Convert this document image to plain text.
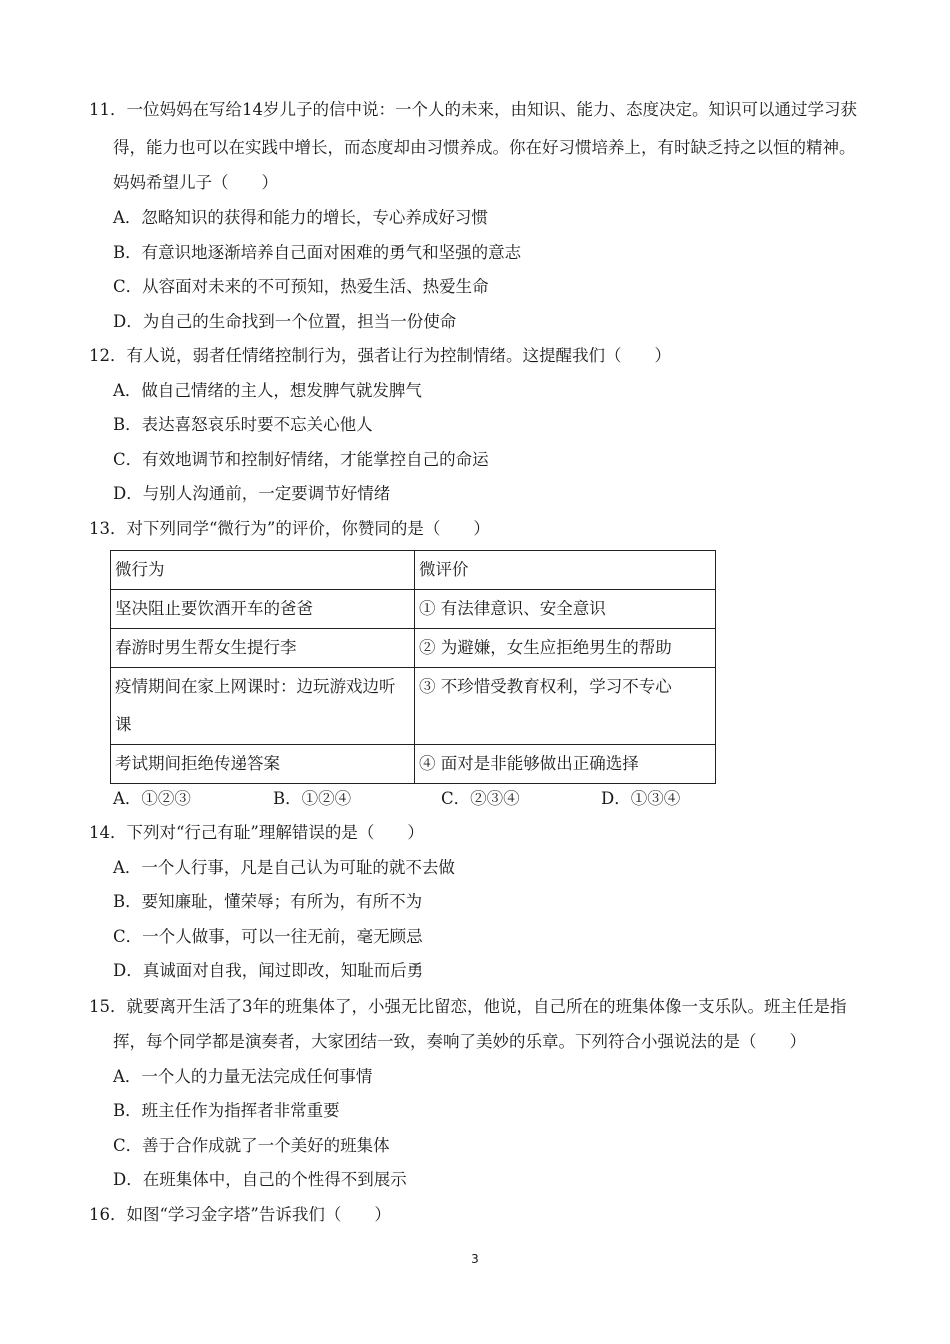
11．一位妈妈在写给14岁儿子的信中说：一个人的未来，由知识、能力、态度决定。知识可以通过学习获
得，能力也可以在实践中增长，而态度却由习惯养成。你在好习惯培养上，有时缺乏持之以恒的精神。
妈妈希望儿子（　　）
A．忽略知识的获得和能力的增长，专心养成好习惯
B．有意识地逐渐培养自己面对困难的勇气和坚强的意志
C．从容面对未来的不可预知，热爱生活、热爱生命
D．为自己的生命找到一个位置，担当一份使命
12．有人说，弱者任情绪控制行为，强者让行为控制情绪。这提醒我们（　　）
A．做自己情绪的主人，想发脾气就发脾气
B．表达喜怒哀乐时要不忘关心他人
C．有效地调节和控制好情绪，才能掌控自己的命运
D．与别人沟通前，一定要调节好情绪
13．对下列同学“微行为”的评价，你赞同的是（　　）
微行为	微评价
坚决阻止要饮酒开车的爸爸	① 有法律意识、安全意识
春游时男生帮女生提行李	② 为避嫌，女生应拒绝男生的帮助
疫情期间在家上网课时：边玩游戏边听课	③ 不珍惜受教育权利，学习不专心
考试期间拒绝传递答案	④ 面对是非能够做出正确选择
A．①②③	B．①②④	C．②③④	D．①③④
14．下列对“行己有耻”理解错误的是（　　）
A．一个人行事，凡是自己认为可耻的就不去做
B．要知廉耻，懂荣辱；有所为，有所不为
C．一个人做事，可以一往无前，毫无顾忌
D．真诚面对自我，闻过即改，知耻而后勇
15．就要离开生活了3年的班集体了，小强无比留恋，他说，自己所在的班集体像一支乐队。班主任是指
挥，每个同学都是演奏者，大家团结一致，奏响了美妙的乐章。下列符合小强说法的是（　　）
A．一个人的力量无法完成任何事情
B．班主任作为指挥者非常重要
C．善于合作成就了一个美好的班集体
D．在班集体中，自己的个性得不到展示
16．如图“学习金字塔”告诉我们（　　）
3
